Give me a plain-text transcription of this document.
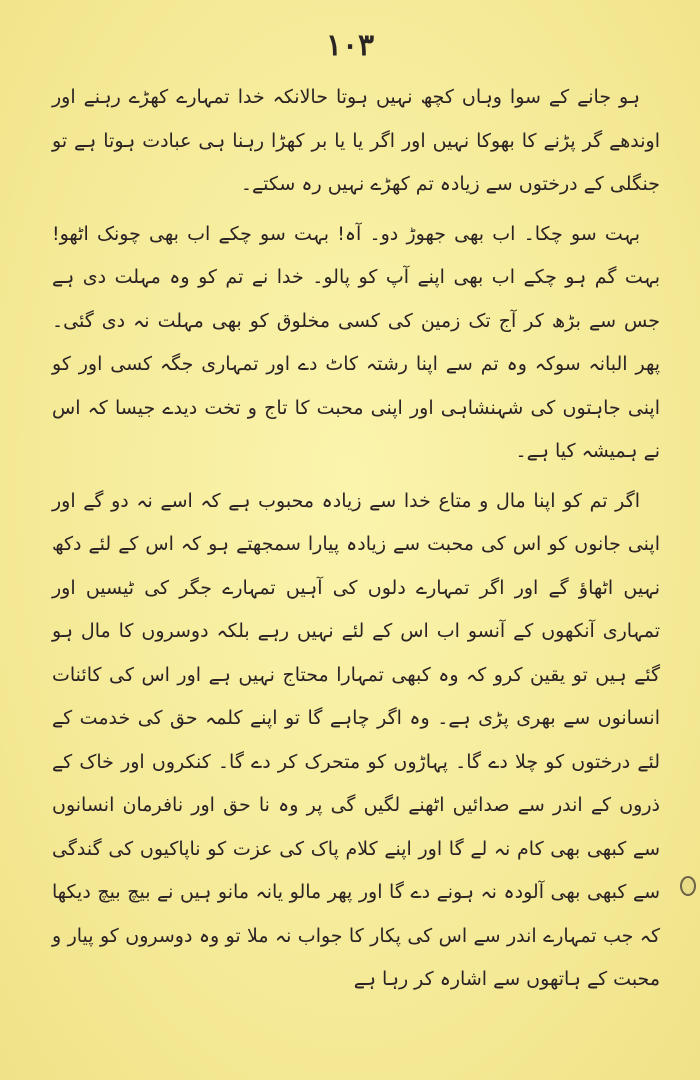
۱۰۳

ہو جانے کے سوا وہاں کچھ نہیں ہوتا حالانکہ خدا تمہارے کھڑے رہنے اور اوندھے گر پڑنے کا بھوکا نہیں اور اگر یا یا بر کھڑا رہنا ہی عبادت ہوتا ہے تو جنگلی کے درختوں سے زیادہ تم کھڑے نہیں رہ سکتے۔

بہت سو چکا۔ اب بھی جھوڑ دو۔ آہ! بہت سو چکے اب بھی چونک اٹھو! بہت گم ہو چکے اب بھی اپنے آپ کو پالو۔ خدا نے تم کو وہ مہلت دی ہے جس سے بڑھ کر آج تک زمین کی کسی مخلوق کو بھی مہلت نہ دی گئی۔ پھر البانہ سوکہ وہ تم سے اپنا رشتہ کاٹ دے اور تمہاری جگہ کسی اور کو اپنی جاہتوں کی شہنشاہی اور اپنی محبت کا تاج و تخت دیدے جیسا کہ اس نے ہمیشہ کیا ہے۔

اگر تم کو اپنا مال و متاع خدا سے زیادہ محبوب ہے کہ اسے نہ دو گے اور اپنی جانوں کو اس کی محبت سے زیادہ پیارا سمجھتے ہو کہ اس کے لئے دکھ نہیں اٹھاؤ گے اور اگر تمہارے دلوں کی آہیں تمہارے جگر کی ٹیسیں اور تمہاری آنکھوں کے آنسو اب اس کے لئے نہیں رہے بلکہ دوسروں کا مال ہو گئے ہیں تو یقین کرو کہ وہ کبھی تمہارا محتاج نہیں ہے اور اس کی کائنات انسانوں سے بھری پڑی ہے۔ وہ اگر چاہے گا تو اپنے کلمہ حق کی خدمت کے لئے درختوں کو چلا دے گا۔ پہاڑوں کو متحرک کر دے گا۔ کنکروں اور خاک کے ذروں کے اندر سے صدائیں اٹھنے لگیں گی پر وہ نا حق اور نافرمان انسانوں سے کبھی بھی کام نہ لے گا اور اپنے کلام پاک کی عزت کو ناپاکیوں کی گندگی سے کبھی بھی آلودہ نہ ہونے دے گا اور پھر مالو یانہ مانو ہیں نے بیچ بیچ دیکھا کہ جب تمہارے اندر سے اس کی پکار کا جواب نہ ملا تو وہ دوسروں کو پیار و محبت کے ہاتھوں سے اشارہ کر رہا ہے
